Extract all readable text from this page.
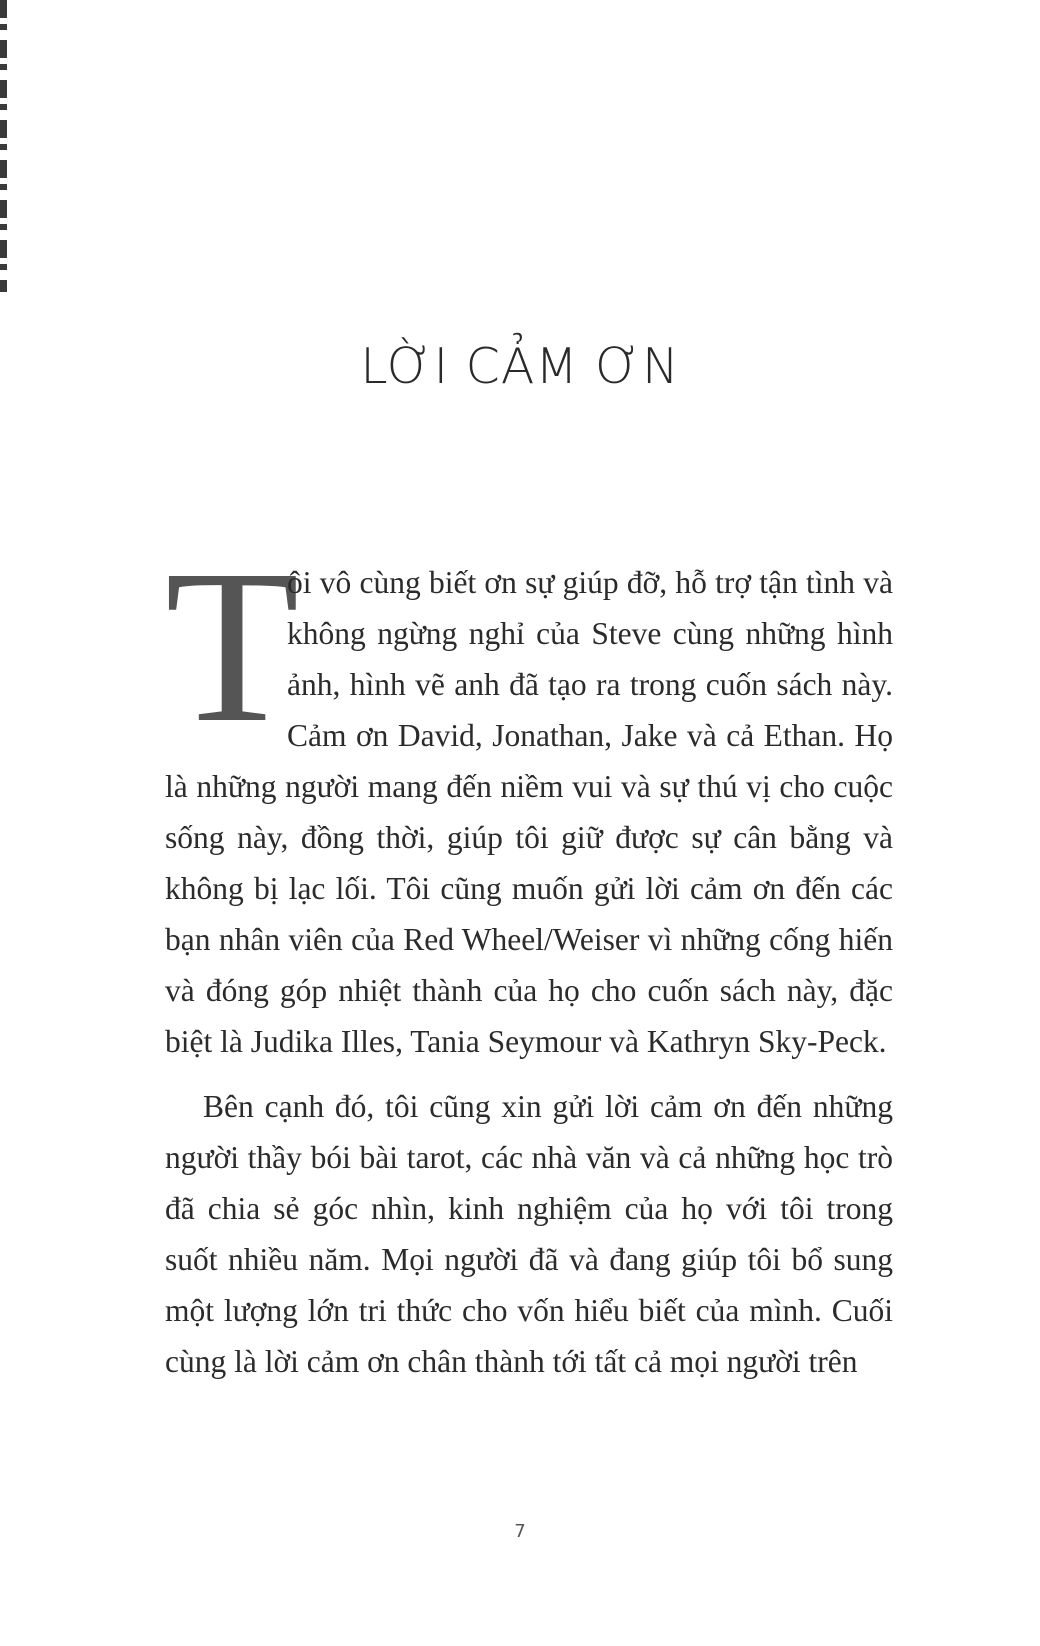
LỜI CẢM ƠN

T
ôi vô cùng biết ơn sự giúp đỡ, hỗ trợ tận tình và không ngừng nghỉ của Steve cùng những hình ảnh, hình vẽ anh đã tạo ra trong cuốn sách này. Cảm ơn David, Jonathan, Jake và cả Ethan. Họ là những người mang đến niềm vui và sự thú vị cho cuộc sống này, đồng thời, giúp tôi giữ được sự cân bằng và không bị lạc lối. Tôi cũng muốn gửi lời cảm ơn đến các bạn nhân viên của Red Wheel/Weiser vì những cống hiến và đóng góp nhiệt thành của họ cho cuốn sách này, đặc biệt là Judika Illes, Tania Seymour và Kathryn Sky-Peck.

Bên cạnh đó, tôi cũng xin gửi lời cảm ơn đến những người thầy bói bài tarot, các nhà văn và cả những học trò đã chia sẻ góc nhìn, kinh nghiệm của họ với tôi trong suốt nhiều năm. Mọi người đã và đang giúp tôi bổ sung một lượng lớn tri thức cho vốn hiểu biết của mình. Cuối cùng là lời cảm ơn chân thành tới tất cả mọi người trên

7
